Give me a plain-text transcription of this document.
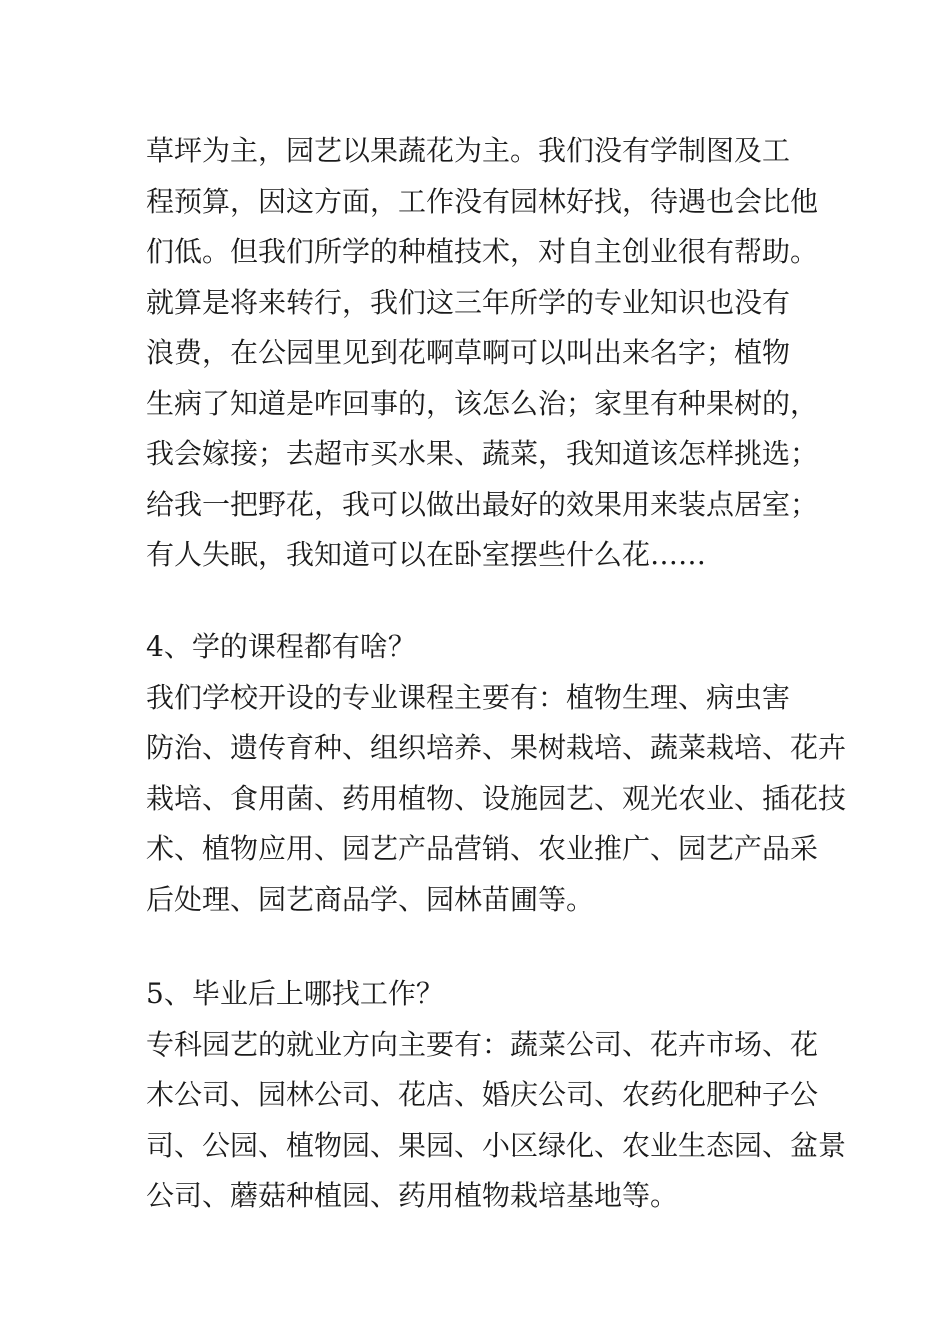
草坪为主，园艺以果蔬花为主。我们没有学制图及工
程预算，因这方面，工作没有园林好找，待遇也会比他
们低。但我们所学的种植技术，对自主创业很有帮助。
就算是将来转行，我们这三年所学的专业知识也没有
浪费，在公园里见到花啊草啊可以叫出来名字；植物
生病了知道是咋回事的，该怎么治；家里有种果树的，
我会嫁接；去超市买水果、蔬菜，我知道该怎样挑选；
给我一把野花，我可以做出最好的效果用来装点居室；
有人失眠，我知道可以在卧室摆些什么花……
4、学的课程都有啥？
我们学校开设的专业课程主要有：植物生理、病虫害
防治、遗传育种、组织培养、果树栽培、蔬菜栽培、花卉
栽培、食用菌、药用植物、设施园艺、观光农业、插花技
术、植物应用、园艺产品营销、农业推广、园艺产品采
后处理、园艺商品学、园林苗圃等。
5、毕业后上哪找工作？
专科园艺的就业方向主要有：蔬菜公司、花卉市场、花
木公司、园林公司、花店、婚庆公司、农药化肥种子公
司、公园、植物园、果园、小区绿化、农业生态园、盆景
公司、蘑菇种植园、药用植物栽培基地等。
